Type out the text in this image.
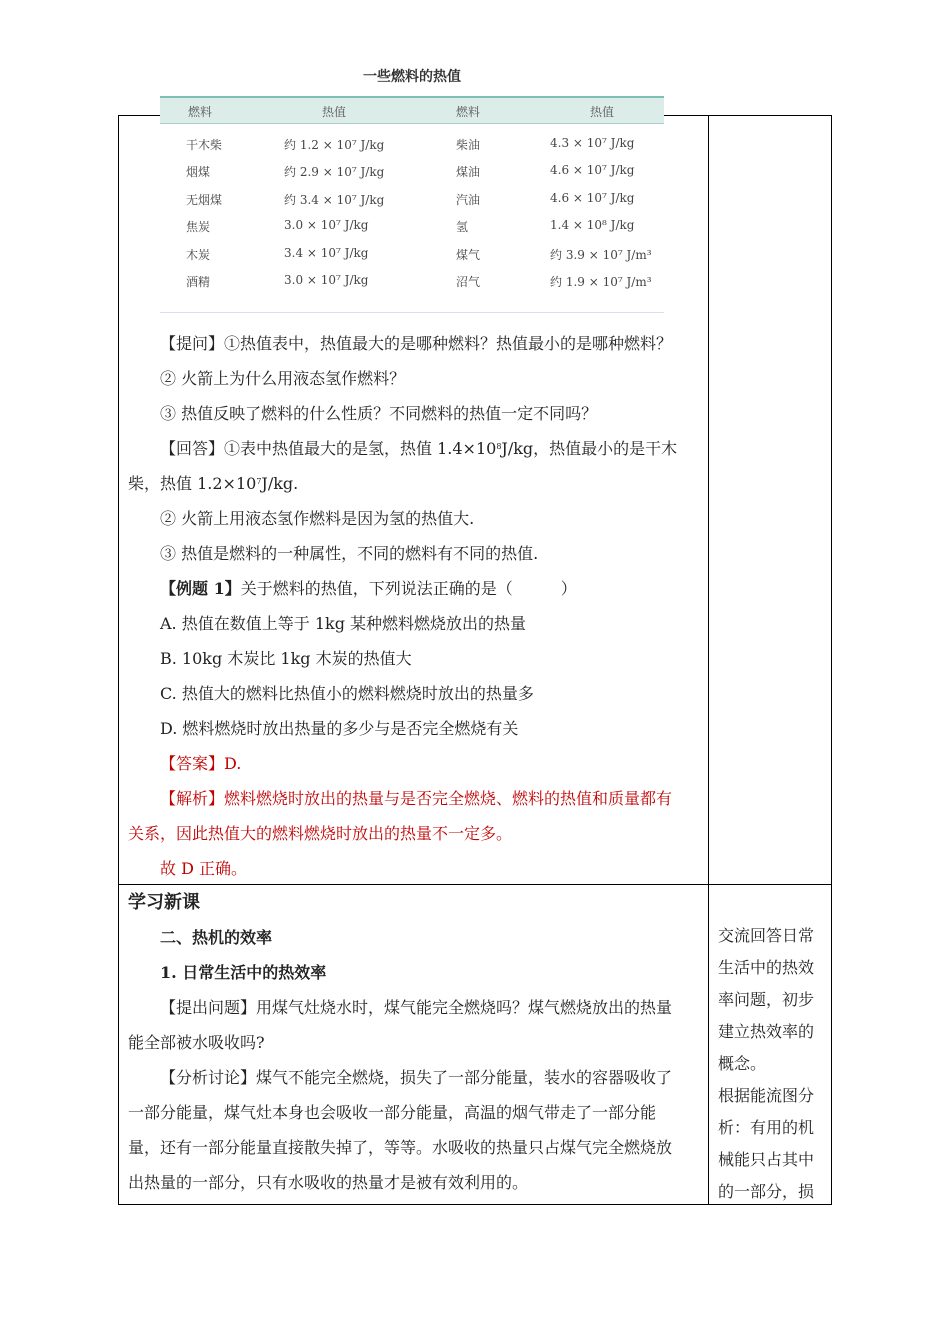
一些燃料的热值
燃料	热值	燃料	热值
干木柴	约 1.2 × 10⁷ J/kg	柴油	4.3 × 10⁷ J/kg
烟煤	约 2.9 × 10⁷ J/kg	煤油	4.6 × 10⁷ J/kg
无烟煤	约 3.4 × 10⁷ J/kg	汽油	4.6 × 10⁷ J/kg
焦炭	3.0 × 10⁷ J/kg	氢	1.4 × 10⁸ J/kg
木炭	3.4 × 10⁷ J/kg	煤气	约 3.9 × 10⁷ J/m³
酒精	3.0 × 10⁷ J/kg	沼气	约 1.9 × 10⁷ J/m³
【提问】①热值表中，热值最大的是哪种燃料？热值最小的是哪种燃料？
② 火箭上为什么用液态氢作燃料？
③ 热值反映了燃料的什么性质？不同燃料的热值一定不同吗？
【回答】①表中热值最大的是氢，热值 $1.4\times 10^8J/kg$，热值最小的是干木
柴，热值 $1.2\times 10^7J/kg$.
② 火箭上用液态氢作燃料是因为氢的热值大.
③ 热值是燃料的一种属性，不同的燃料有不同的热值.
【例题 1】关于燃料的热值，下列说法正确的是（　　　）
A. 热值在数值上等于 1kg 某种燃料燃烧放出的热量
B. 10kg 木炭比 1kg 木炭的热值大
C. 热值大的燃料比热值小的燃料燃烧时放出的热量多
D. 燃料燃烧时放出热量的多少与是否完全燃烧有关
【答案】D.
【解析】燃料燃烧时放出的热量与是否完全燃烧、燃料的热值和质量都有
关系，因此热值大的燃料燃烧时放出的热量不一定多。
故 D 正确。
学习新课
二、热机的效率
1. 日常生活中的热效率
【提出问题】用煤气灶烧水时，煤气能完全燃烧吗？煤气燃烧放出的热量
能全部被水吸收吗?
【分析讨论】煤气不能完全燃烧，损失了一部分能量，装水的容器吸收了
一部分能量，煤气灶本身也会吸收一部分能量，高温的烟气带走了一部分能
量，还有一部分能量直接散失掉了，等等。水吸收的热量只占煤气完全燃烧放
出热量的一部分，只有水吸收的热量才是被有效利用的。
交流回答日常
生活中的热效
率问题，初步
建立热效率的
概念。
根据能流图分
析：有用的机
械能只占其中
的一部分，损
